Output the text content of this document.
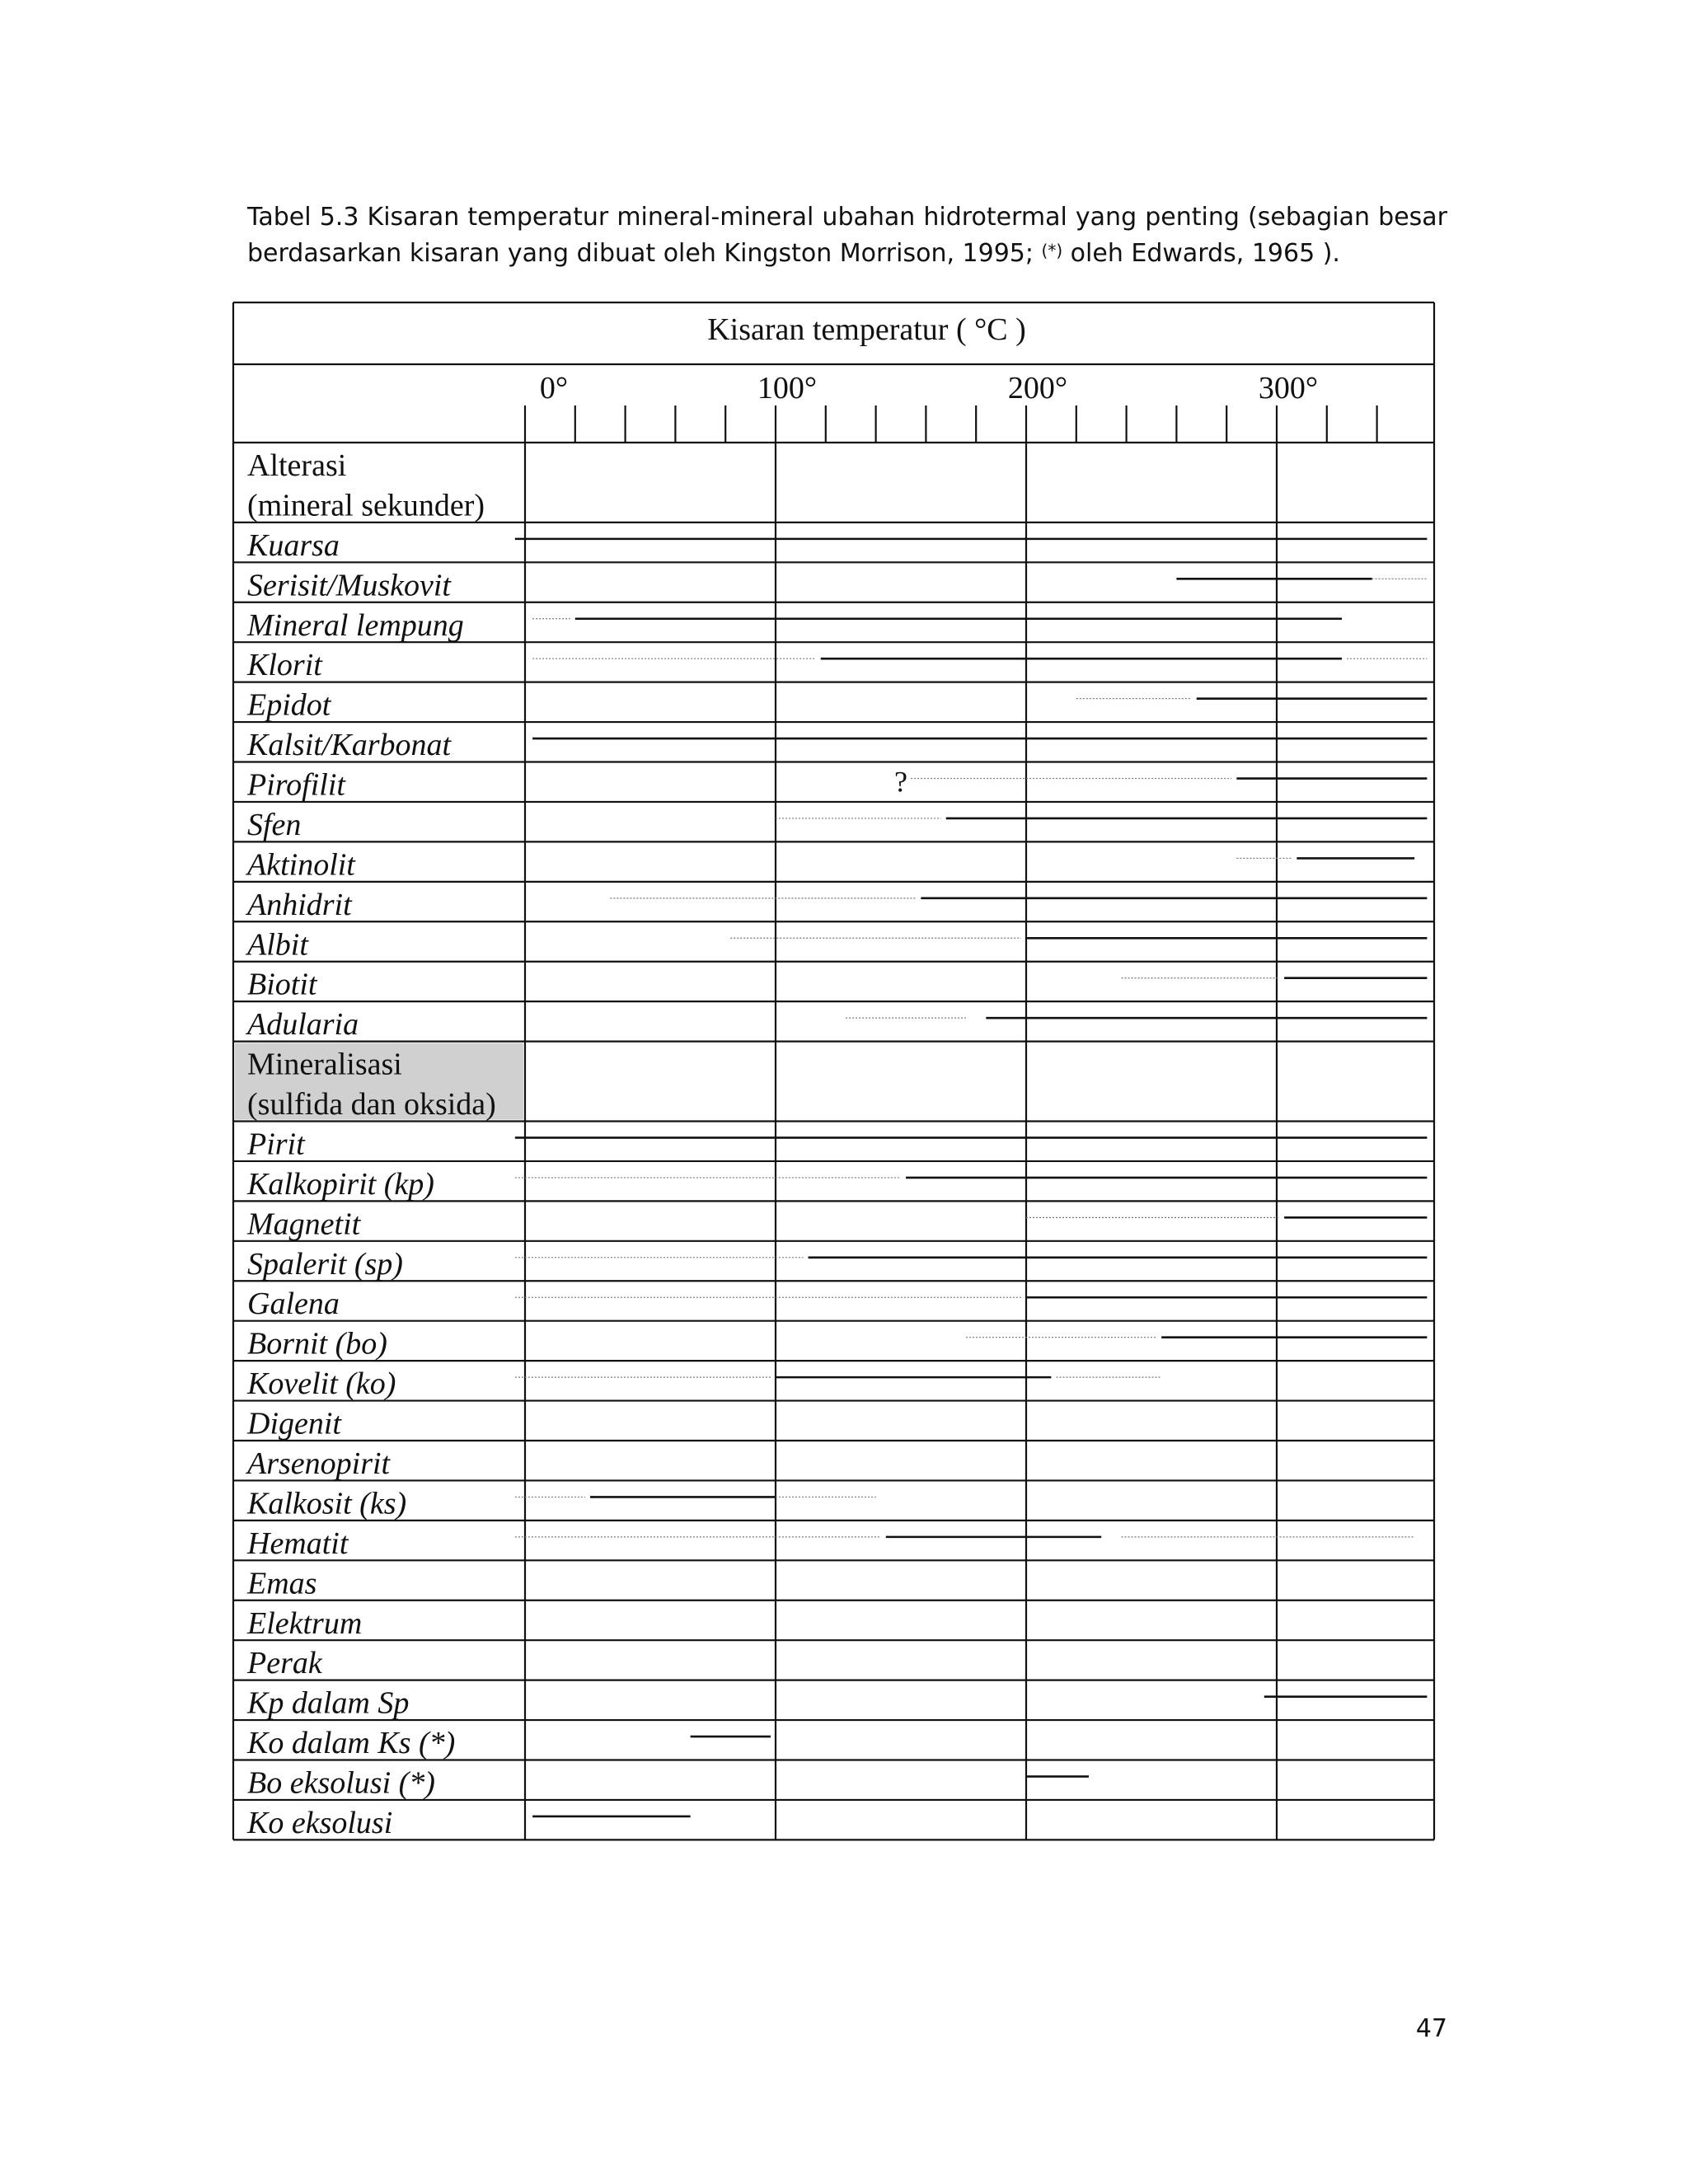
Tabel 5.3 Kisaran temperatur mineral-mineral ubahan hidrotermal yang penting (sebagian besar berdasarkan kisaran yang dibuat oleh Kingston Morrison, 1995; (*) oleh Edwards, 1965 ).
Kisaran temperatur ( °C )
0°	100°	200°	300°
Alterasi
(mineral sekunder)
Kuarsa
Serisit/Muskovit
Mineral lempung
Klorit
Epidot
Kalsit/Karbonat
Pirofilit	?
Sfen
Aktinolit
Anhidrit
Albit
Biotit
Adularia
Mineralisasi
(sulfida dan oksida)
Pirit
Kalkopirit (kp)
Magnetit
Spalerit (sp)
Galena
Bornit (bo)
Kovelit (ko)
Digenit
Arsenopirit
Kalkosit (ks)
Hematit
Emas
Elektrum
Perak
Kp dalam Sp
Ko dalam Ks (*)
Bo eksolusi (*)
Ko eksolusi
47
